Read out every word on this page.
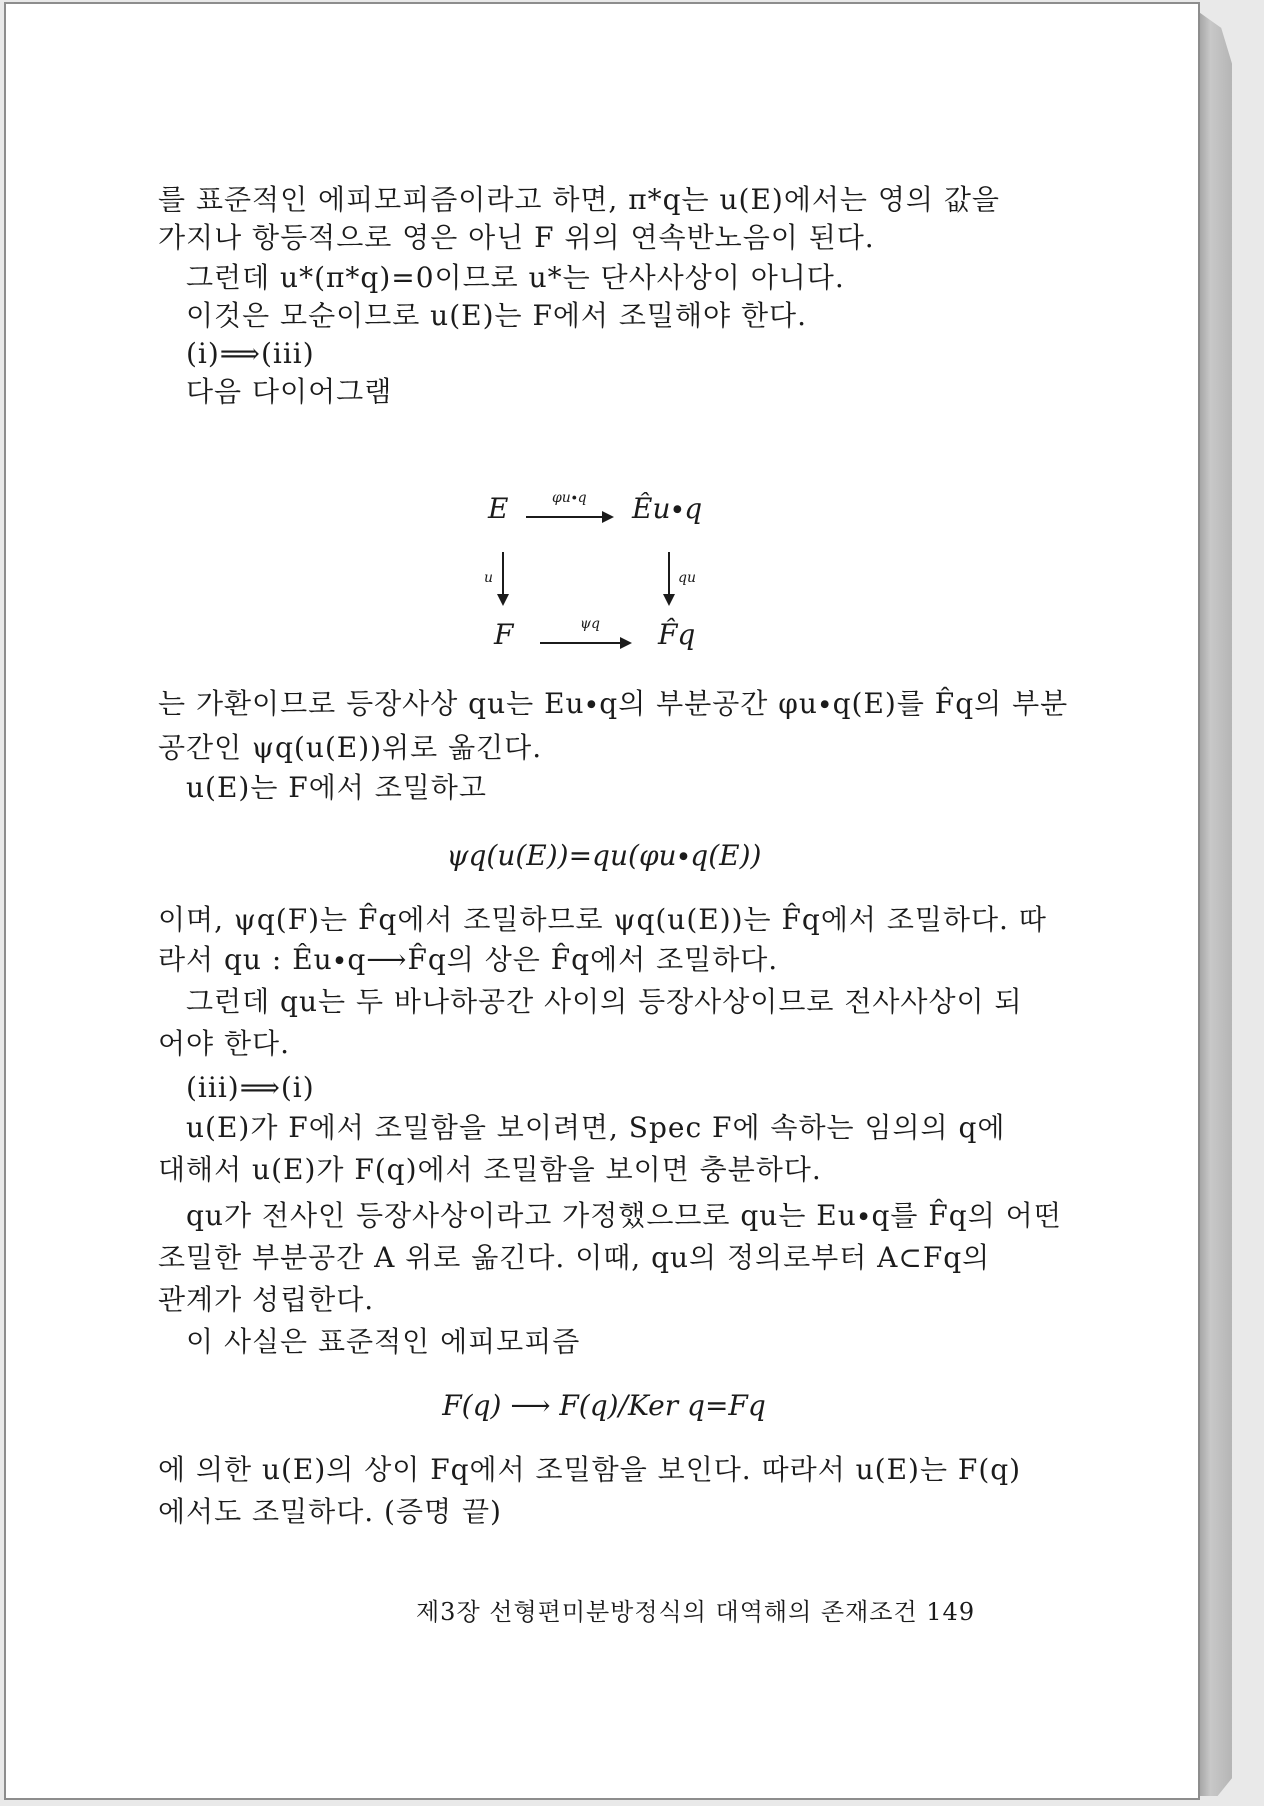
를 표준적인 에피모피즘이라고 하면, π*q는 u(E)에서는 영의 값을
가지나 항등적으로 영은 아닌 F 위의 연속반노음이 된다.
그런데 u*(π*q)=0이므로 u*는 단사사상이 아니다.
이것은 모순이므로 u(E)는 F에서 조밀해야 한다.
(i)⟹(iii)
다음 다이어그램
E	φu∙q Êu∙q
u	qu
F	ψq F̂q
는 가환이므로 등장사상 qu는 Eu∙q의 부분공간 φu∙q(E)를 F̂q의 부분
공간인 ψq(u(E))위로 옮긴다.
u(E)는 F에서 조밀하고
ψq(u(E))=qu(φu∙q(E))
이며, ψq(F)는 F̂q에서 조밀하므로 ψq(u(E))는 F̂q에서 조밀하다. 따
라서 qu : Êu∙q⟶F̂q의 상은 F̂q에서 조밀하다.
그런데 qu는 두 바나하공간 사이의 등장사상이므로 전사사상이 되
어야 한다.
(iii)⟹(i)
u(E)가 F에서 조밀함을 보이려면, Spec F에 속하는 임의의 q에
대해서 u(E)가 F(q)에서 조밀함을 보이면 충분하다.
qu가 전사인 등장사상이라고 가정했으므로 qu는 Eu∙q를 F̂q의 어떤
조밀한 부분공간 A 위로 옮긴다. 이때, qu의 정의로부터 A⊂Fq의
관계가 성립한다.
이 사실은 표준적인 에피모피즘
F(q) ⟶ F(q)/Ker q=Fq
에 의한 u(E)의 상이 Fq에서 조밀함을 보인다. 따라서 u(E)는 F(q)
에서도 조밀하다. (증명 끝)
제3장 선형편미분방정식의 대역해의 존재조건 149
